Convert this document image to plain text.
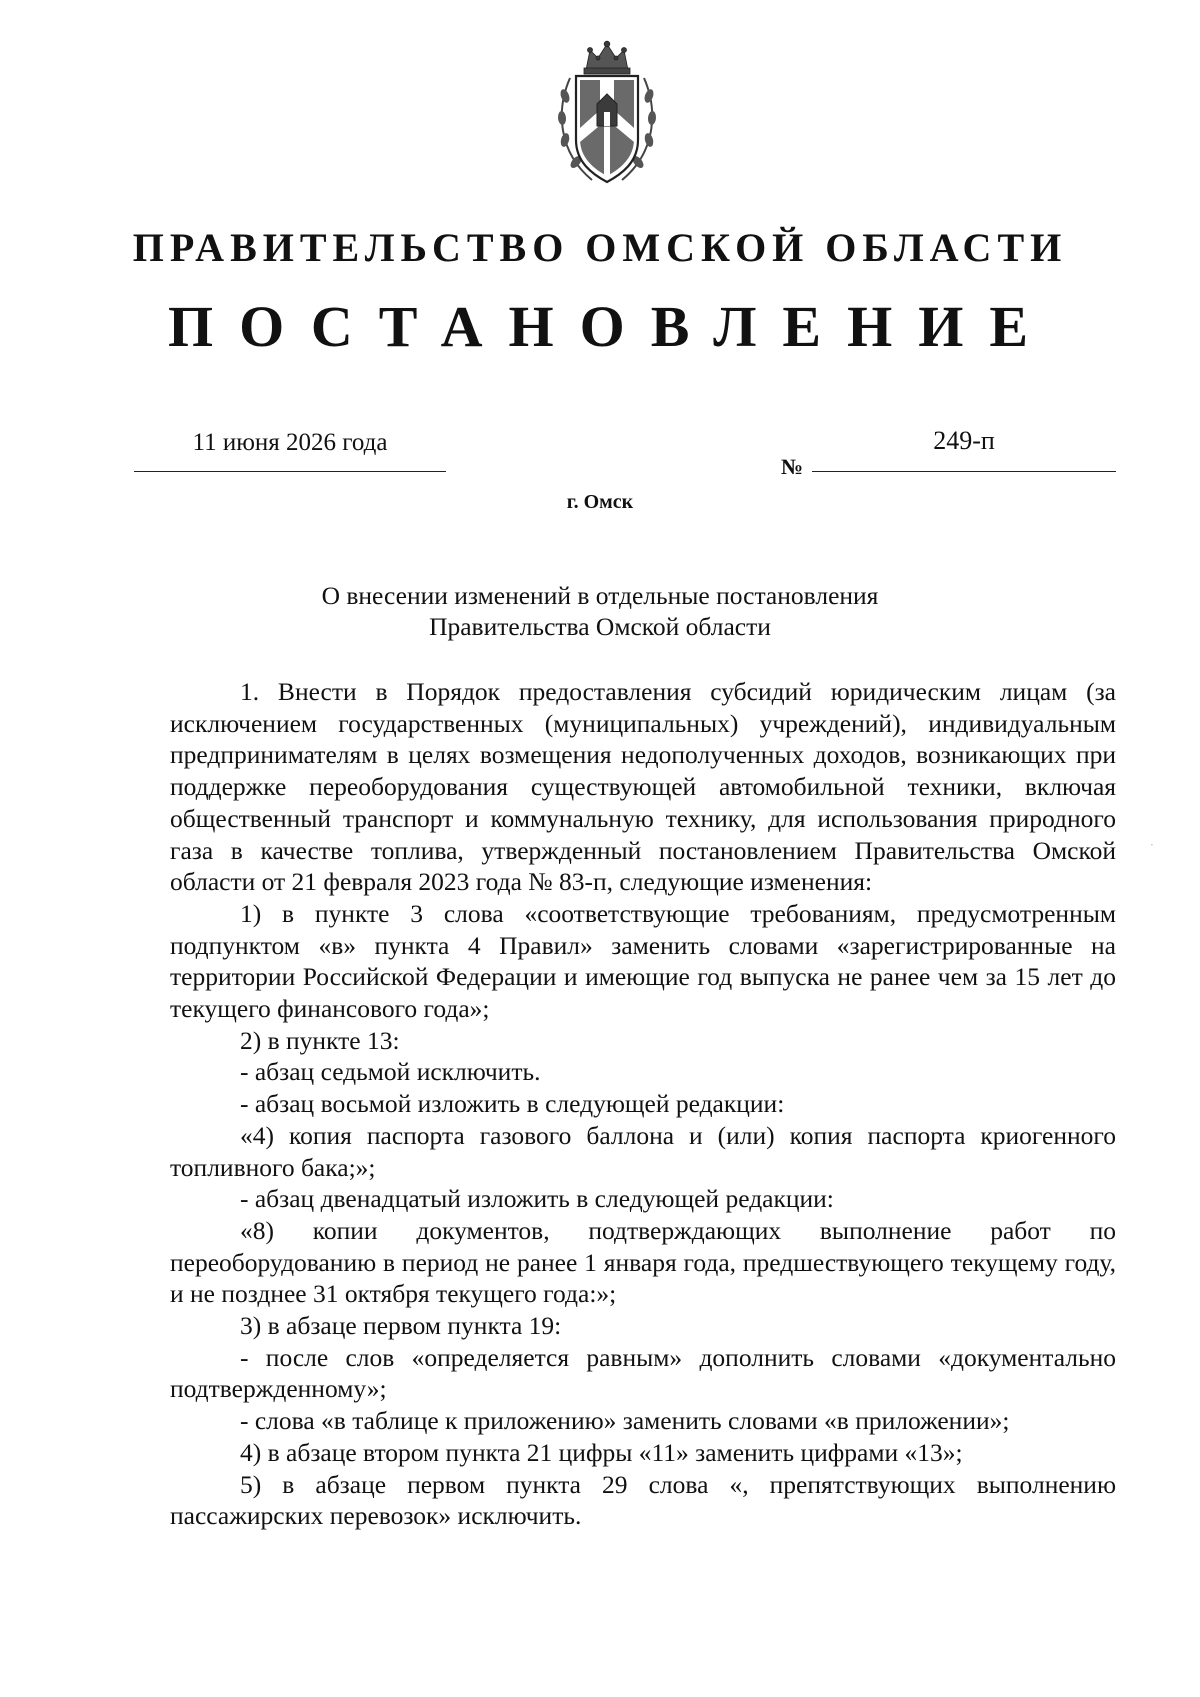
ПРАВИТЕЛЬСТВО ОМСКОЙ ОБЛАСТИ
ПОСТАНОВЛЕНИЕ
11 июня 2026 года
№
249-п
г. Омск
О внесении изменений в отдельные постановления
Правительства Омской области

1. Внести в Порядок предоставления субсидий юридическим лицам (за исключением государственных (муниципальных) учреждений), индивидуальным предпринимателям в целях возмещения недополученных доходов, возникающих при поддержке переоборудования существующей автомобильной техники, включая общественный транспорт и коммунальную технику, для использования природного газа в качестве топлива, утвержденный постановлением Правительства Омской области от 21 февраля 2023 года № 83-п, следующие изменения:

1) в пункте 3 слова «соответствующие требованиям, предусмотренным подпунктом «в» пункта 4 Правил» заменить словами «зарегистрированные на территории Российской Федерации и имеющие год выпуска не ранее чем за 15 лет до текущего финансового года»;

2) в пункте 13:

- абзац седьмой исключить.

- абзац восьмой изложить в следующей редакции:

«4) копия паспорта газового баллона и (или) копия паспорта криогенного топливного бака;»;

- абзац двенадцатый изложить в следующей редакции:

«8) копии документов, подтверждающих выполнение работ по переоборудованию в период не ранее 1 января года, предшествующего текущему году, и не позднее 31 октября текущего года:»;

3) в абзаце первом пункта 19:

- после слов «определяется равным» дополнить словами «документально подтвержденному»;

- слова «в таблице к приложению» заменить словами «в приложении»;

4) в абзаце втором пункта 21 цифры «11» заменить цифрами «13»;

5) в абзаце первом пункта 29 слова «, препятствующих выполнению пассажирских перевозок» исключить.

·
